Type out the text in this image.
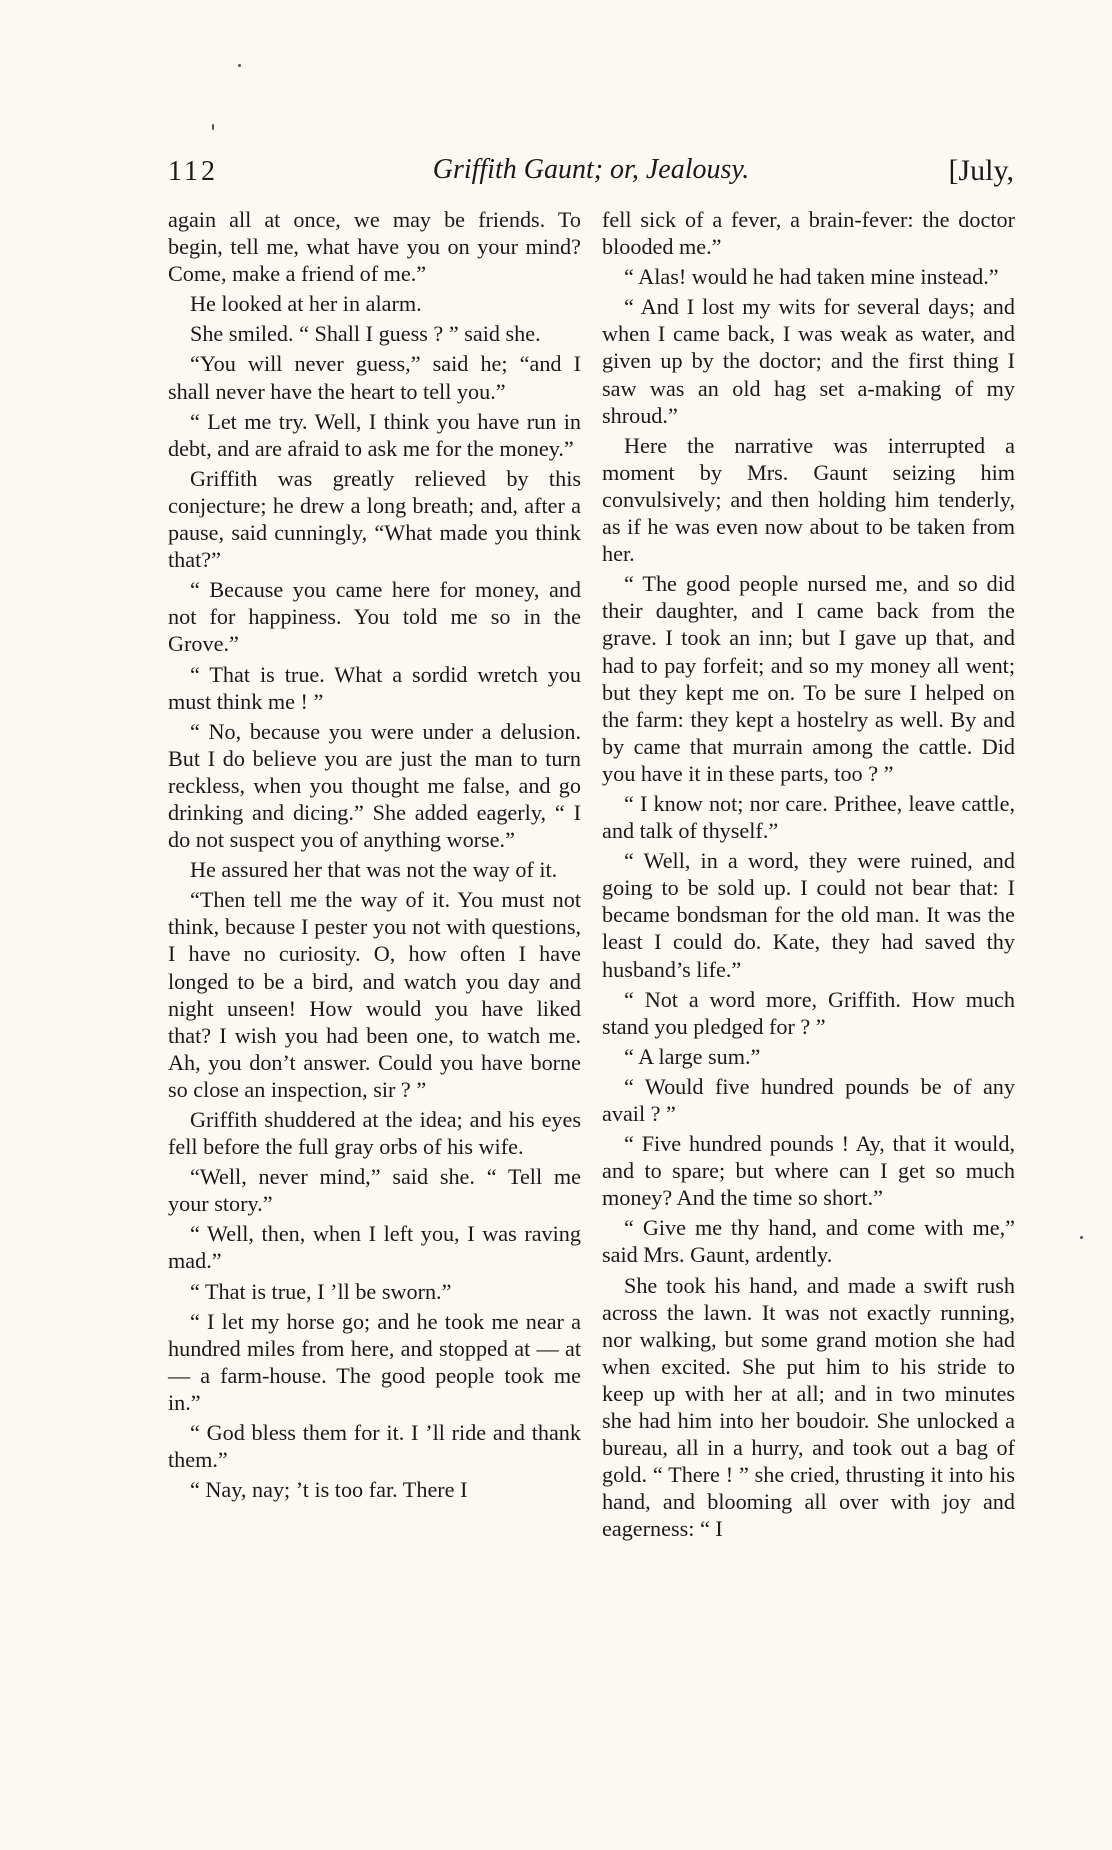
112	Griffith Gaunt; or, Jealousy.	[July,

again all at once, we may be friends. To begin, tell me, what have you on your mind? Come, make a friend of me.”

He looked at her in alarm.

She smiled. “ Shall I guess ? ” said she.

“You will never guess,” said he; “and I shall never have the heart to tell you.”

“ Let me try. Well, I think you have run in debt, and are afraid to ask me for the money.”

Griffith was greatly relieved by this conjecture; he drew a long breath; and, after a pause, said cunningly, “What made you think that?”

“ Because you came here for money, and not for happiness. You told me so in the Grove.”

“ That is true. What a sordid wretch you must think me ! ”

“ No, because you were under a delusion. But I do believe you are just the man to turn reckless, when you thought me false, and go drinking and dicing.” She added eagerly, “ I do not suspect you of anything worse.”

He assured her that was not the way of it.

“Then tell me the way of it. You must not think, because I pester you not with questions, I have no curiosity. O, how often I have longed to be a bird, and watch you day and night unseen! How would you have liked that? I wish you had been one, to watch me. Ah, you don’t answer. Could you have borne so close an inspection, sir ? ”

Griffith shuddered at the idea; and his eyes fell before the full gray orbs of his wife.

“Well, never mind,” said she. “ Tell me your story.”

“ Well, then, when I left you, I was raving mad.”

“ That is true, I ’ll be sworn.”

“ I let my horse go; and he took me near a hundred miles from here, and stopped at — at — a farm-house. The good people took me in.”

“ God bless them for it. I ’ll ride and thank them.”

“ Nay, nay; ’t is too far. There I

fell sick of a fever, a brain-fever: the doctor blooded me.”

“ Alas! would he had taken mine instead.”

“ And I lost my wits for several days; and when I came back, I was weak as water, and given up by the doctor; and the first thing I saw was an old hag set a-making of my shroud.”

Here the narrative was interrupted a moment by Mrs. Gaunt seizing him convulsively; and then holding him tenderly, as if he was even now about to be taken from her.

“ The good people nursed me, and so did their daughter, and I came back from the grave. I took an inn; but I gave up that, and had to pay forfeit; and so my money all went; but they kept me on. To be sure I helped on the farm: they kept a hostelry as well. By and by came that murrain among the cattle. Did you have it in these parts, too ? ”

“ I know not; nor care. Prithee, leave cattle, and talk of thyself.”

“ Well, in a word, they were ruined, and going to be sold up. I could not bear that: I became bondsman for the old man. It was the least I could do. Kate, they had saved thy husband’s life.”

“ Not a word more, Griffith. How much stand you pledged for ? ”

“ A large sum.”

“ Would five hundred pounds be of any avail ? ”

“ Five hundred pounds ! Ay, that it would, and to spare; but where can I get so much money? And the time so short.”

“ Give me thy hand, and come with me,” said Mrs. Gaunt, ardently.

She took his hand, and made a swift rush across the lawn. It was not exactly running, nor walking, but some grand motion she had when excited. She put him to his stride to keep up with her at all; and in two minutes she had him into her boudoir. She unlocked a bureau, all in a hurry, and took out a bag of gold. “ There ! ” she cried, thrusting it into his hand, and blooming all over with joy and eagerness: “ I
